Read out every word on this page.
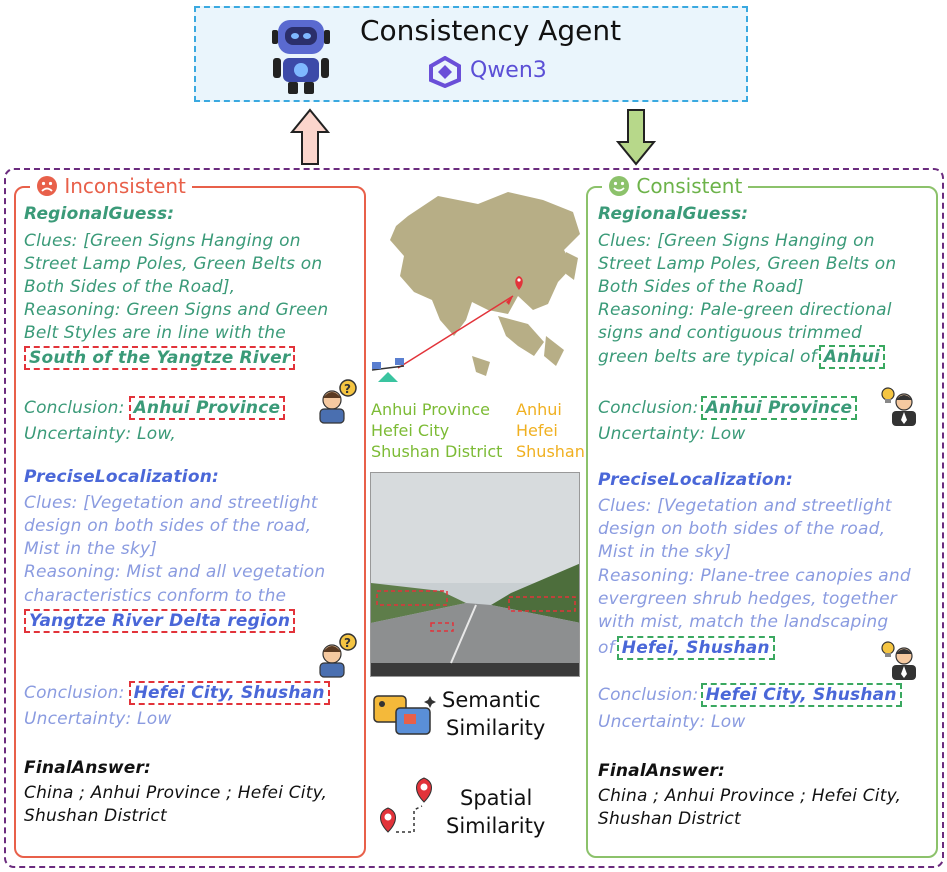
Consistency Agent
Qwen3
Inconsistent
RegionalGuess:
Clues: [Green Signs Hanging on
Street Lamp Poles, Green Belts on
Both Sides of the Road],
Reasoning: Green Signs and Green
Belt Styles are in line with the
South of the Yangtze River
Conclusion: Anhui Province
Uncertainty: Low,
?
PreciseLocalization:
Clues: [Vegetation and streetlight
design on both sides of the road,
Mist in the sky]
Reasoning: Mist and all vegetation
characteristics conform to the
Yangtze River Delta region
?
Conclusion: Hefei City, Shushan
Uncertainty: Low
FinalAnswer:
China ; Anhui Province ; Hefei City,
Shushan District
Consistent
RegionalGuess:
Clues: [Green Signs Hanging on
Street Lamp Poles, Green Belts on
Both Sides of the Road]
Reasoning: Pale-green directional
signs and contiguous trimmed
green belts are typical of Anhui
Conclusion: Anhui Province
Uncertainty: Low
PreciseLocalization:
Clues: [Vegetation and streetlight
design on both sides of the road,
Mist in the sky]
Reasoning: Plane-tree canopies and
evergreen shrub hedges, together
with mist, match the landscaping
of Hefei, Shushan
Conclusion: Hefei City, Shushan
Uncertainty: Low
FinalAnswer:
China ; Anhui Province ; Hefei City,
Shushan District
Anhui Province
Hefei City
Shushan District
Anhui
Hefei
Shushan
Semantic
Similarity
Spatial
Similarity
